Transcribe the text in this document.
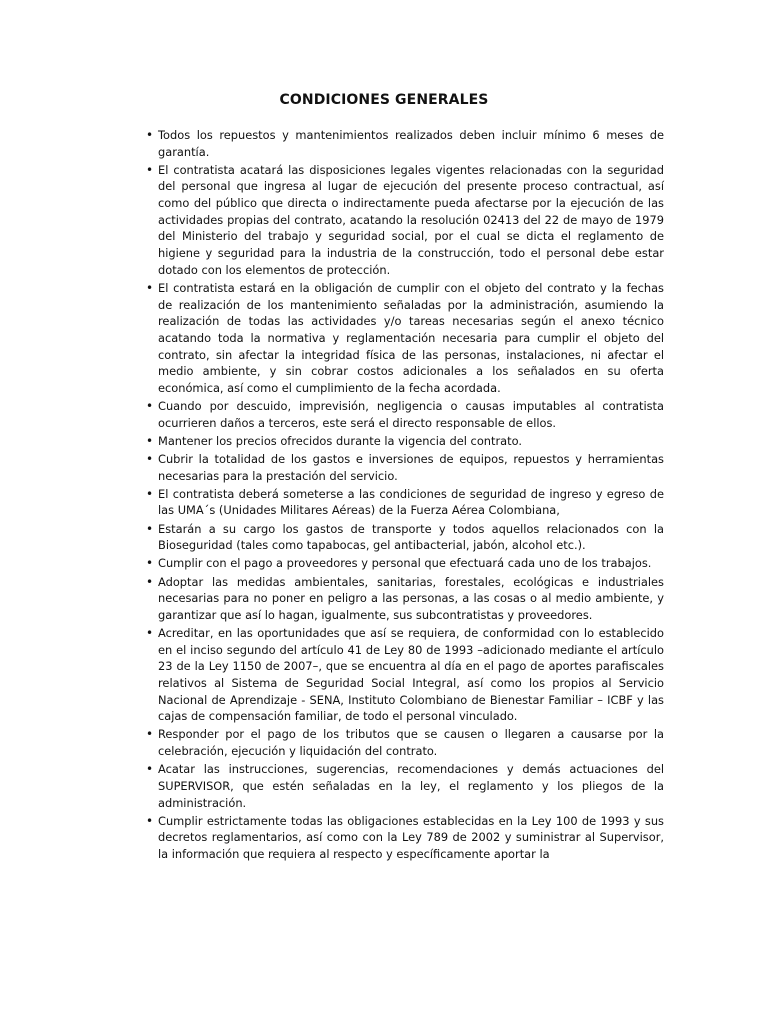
CONDICIONES GENERALES
• Todos los repuestos y mantenimientos realizados deben incluir mínimo 6 meses de garantía.
• El contratista acatará las disposiciones legales vigentes relacionadas con la seguridad del personal que ingresa al lugar de ejecución del presente proceso contractual, así como del público que directa o indirectamente pueda afectarse por la ejecución de las actividades propias del contrato, acatando la resolución 02413 del 22 de mayo de 1979 del Ministerio del trabajo y seguridad social, por el cual se dicta el reglamento de higiene y seguridad para la industria de la construcción, todo el personal debe estar dotado con los elementos de protección.
• El contratista estará en la obligación de cumplir con el objeto del contrato y la fechas de realización de los mantenimiento señaladas por la administración, asumiendo la realización de todas las actividades y/o tareas necesarias según el anexo técnico acatando toda la normativa y reglamentación necesaria para cumplir el objeto del contrato, sin afectar la integridad física de las personas, instalaciones, ni afectar el medio ambiente, y sin cobrar costos adicionales a los señalados en su oferta económica, así como el cumplimiento de la fecha acordada.
• Cuando por descuido, imprevisión, negligencia o causas imputables al contratista ocurrieren daños a terceros, este será el directo responsable de ellos.
• Mantener los precios ofrecidos durante la vigencia del contrato.
• Cubrir la totalidad de los gastos e inversiones de equipos, repuestos y herramientas necesarias para la prestación del servicio.
• El contratista deberá someterse a las condiciones de seguridad de ingreso y egreso de las UMA´s (Unidades Militares Aéreas) de la Fuerza Aérea Colombiana,
• Estarán a su cargo los gastos de transporte y todos aquellos relacionados con la Bioseguridad (tales como tapabocas, gel antibacterial, jabón, alcohol etc.).
• Cumplir con el pago a proveedores y personal que efectuará cada uno de los trabajos.
• Adoptar las medidas ambientales, sanitarias, forestales, ecológicas e industriales necesarias para no poner en peligro a las personas, a las cosas o al medio ambiente, y garantizar que así lo hagan, igualmente, sus subcontratistas y proveedores.
• Acreditar, en las oportunidades que así se requiera, de conformidad con lo establecido en el inciso segundo del artículo 41 de Ley 80 de 1993 –adicionado mediante el artículo 23 de la Ley 1150 de 2007–, que se encuentra al día en el pago de aportes parafiscales relativos al Sistema de Seguridad Social Integral, así como los propios al Servicio Nacional de Aprendizaje - SENA, Instituto Colombiano de Bienestar Familiar – ICBF y las cajas de compensación familiar, de todo el personal vinculado.
• Responder por el pago de los tributos que se causen o llegaren a causarse por la celebración, ejecución y liquidación del contrato.
• Acatar las instrucciones, sugerencias, recomendaciones y demás actuaciones del SUPERVISOR, que estén señaladas en la ley, el reglamento y los pliegos de la administración.
• Cumplir estrictamente todas las obligaciones establecidas en la Ley 100 de 1993 y sus decretos reglamentarios, así como con la Ley 789 de 2002 y suministrar al Supervisor, la información que requiera al respecto y específicamente aportar la
